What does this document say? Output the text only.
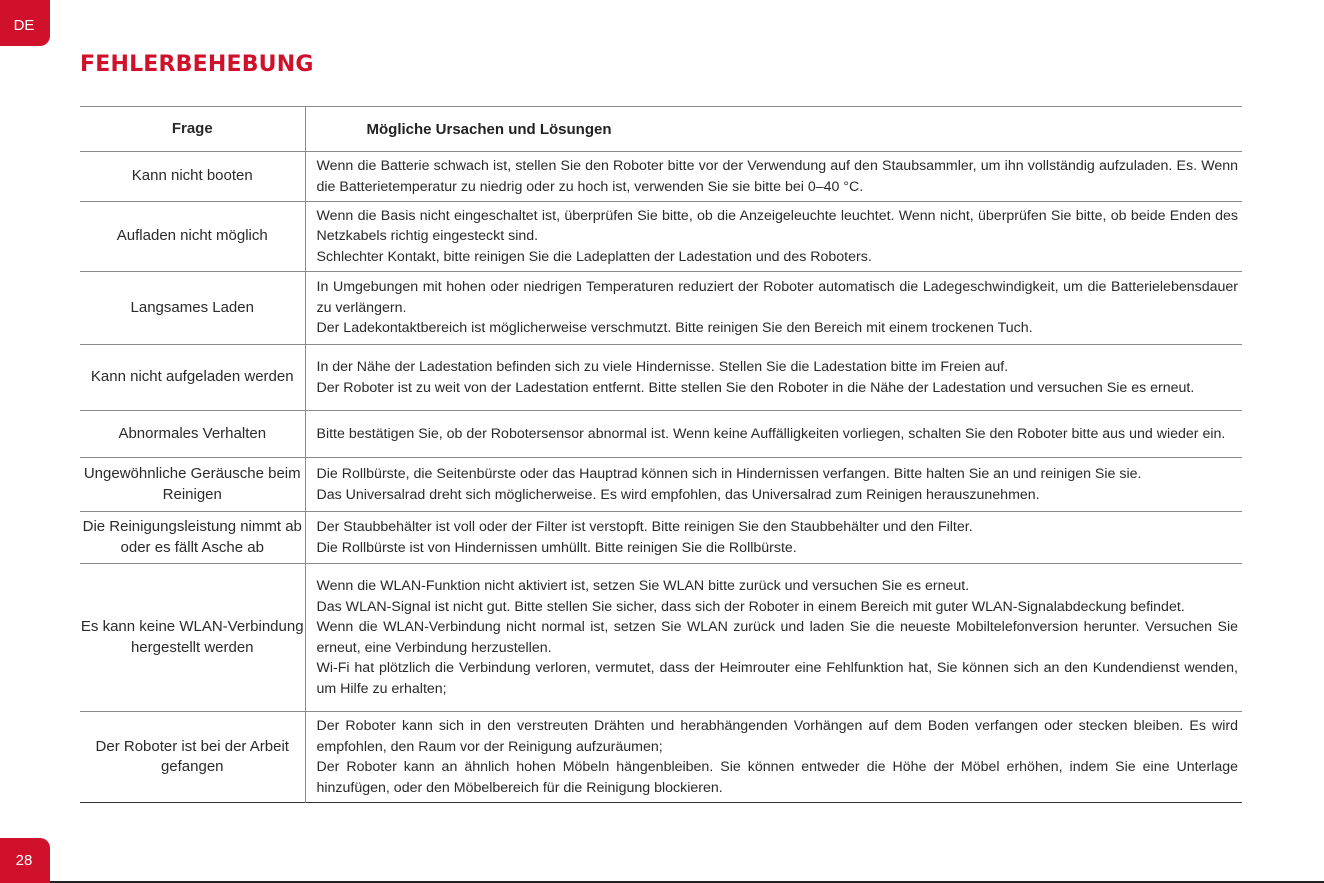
DE
FEHLERBEHEBUNG
Frage	Mögliche Ursachen und Lösungen
Kann nicht booten	Wenn die Batterie schwach ist, stellen Sie den Roboter bitte vor der Verwendung auf den Staubsammler, um ihn vollständig aufzuladen. Es. Wenn die Batterietemperatur zu niedrig oder zu hoch ist, verwenden Sie sie bitte bei 0–40 °C.

Aufladen nicht möglich	Wenn die Basis nicht eingeschaltet ist, überprüfen Sie bitte, ob die Anzeigeleuchte leuchtet. Wenn nicht, überprüfen Sie bitte, ob beide Enden des Netzkabels richtig eingesteckt sind.
Schlechter Kontakt, bitte reinigen Sie die Ladeplatten der Ladestation und des Roboters.

Langsames Laden	In Umgebungen mit hohen oder niedrigen Temperaturen reduziert der Roboter automatisch die Ladegeschwindigkeit, um die Batterielebensdauer zu verlängern.
Der Ladekontaktbereich ist möglicherweise verschmutzt. Bitte reinigen Sie den Bereich mit einem trockenen Tuch.

Kann nicht aufgeladen werden	In der Nähe der Ladestation befinden sich zu viele Hindernisse. Stellen Sie die Ladestation bitte im Freien auf.
Der Roboter ist zu weit von der Ladestation entfernt. Bitte stellen Sie den Roboter in die Nähe der Ladestation und versuchen Sie es erneut.

Abnormales Verhalten	Bitte bestätigen Sie, ob der Robotersensor abnormal ist. Wenn keine Auffälligkeiten vorliegen, schalten Sie den Roboter bitte aus und wieder ein.

Ungewöhnliche Geräusche beim Reinigen	Die Rollbürste, die Seitenbürste oder das Hauptrad können sich in Hindernissen verfangen. Bitte halten Sie an und reinigen Sie sie.
Das Universalrad dreht sich möglicherweise. Es wird empfohlen, das Universalrad zum Reinigen herauszunehmen.

Die Reinigungsleistung nimmt ab oder es fällt Asche ab	Der Staubbehälter ist voll oder der Filter ist verstopft. Bitte reinigen Sie den Staubbehälter und den Filter.
Die Rollbürste ist von Hindernissen umhüllt. Bitte reinigen Sie die Rollbürste.

Es kann keine WLAN-Verbindung hergestellt werden	Wenn die WLAN-Funktion nicht aktiviert ist, setzen Sie WLAN bitte zurück und versuchen Sie es erneut.
Das WLAN-Signal ist nicht gut. Bitte stellen Sie sicher, dass sich der Roboter in einem Bereich mit guter WLAN-Signalabdeckung befindet.
Wenn die WLAN-Verbindung nicht normal ist, setzen Sie WLAN zurück und laden Sie die neueste Mobiltelefonversion herunter. Versuchen Sie erneut, eine Verbindung herzustellen.
Wi-Fi hat plötzlich die Verbindung verloren, vermutet, dass der Heimrouter eine Fehlfunktion hat, Sie können sich an den Kundendienst wenden, um Hilfe zu erhalten;

Der Roboter ist bei der Arbeit gefangen	Der Roboter kann sich in den verstreuten Drähten und herabhängenden Vorhängen auf dem Boden verfangen oder stecken bleiben. Es wird empfohlen, den Raum vor der Reinigung aufzuräumen;
Der Roboter kann an ähnlich hohen Möbeln hängenbleiben. Sie können entweder die Höhe der Möbel erhöhen, indem Sie eine Unterlage hinzufügen, oder den Möbelbereich für die Reinigung blockieren.
28
